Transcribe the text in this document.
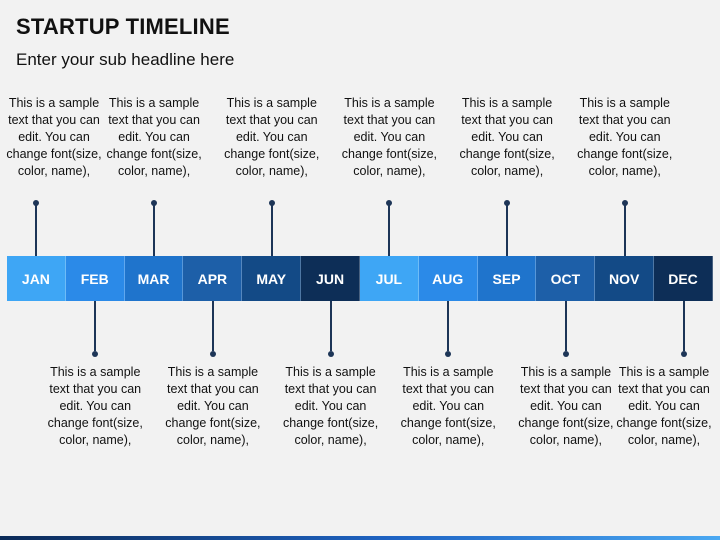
STARTUP TIMELINE
Enter your sub headline here
JAN FEB MAR APR MAY JUN JUL AUG SEP OCT NOV DEC
This is a sample text that you can edit. You can change font(size, color, name),
This is a sample text that you can edit. You can change font(size, color, name),
This is a sample text that you can edit. You can change font(size, color, name),
This is a sample text that you can edit. You can change font(size, color, name),
This is a sample text that you can edit. You can change font(size, color, name),
This is a sample text that you can edit. You can change font(size, color, name),
This is a sample text that you can edit. You can change font(size, color, name),
This is a sample text that you can edit. You can change font(size, color, name),
This is a sample text that you can edit. You can change font(size, color, name),
This is a sample text that you can edit. You can change font(size, color, name),
This is a sample text that you can edit. You can change font(size, color, name),
This is a sample text that you can edit. You can change font(size, color, name),
